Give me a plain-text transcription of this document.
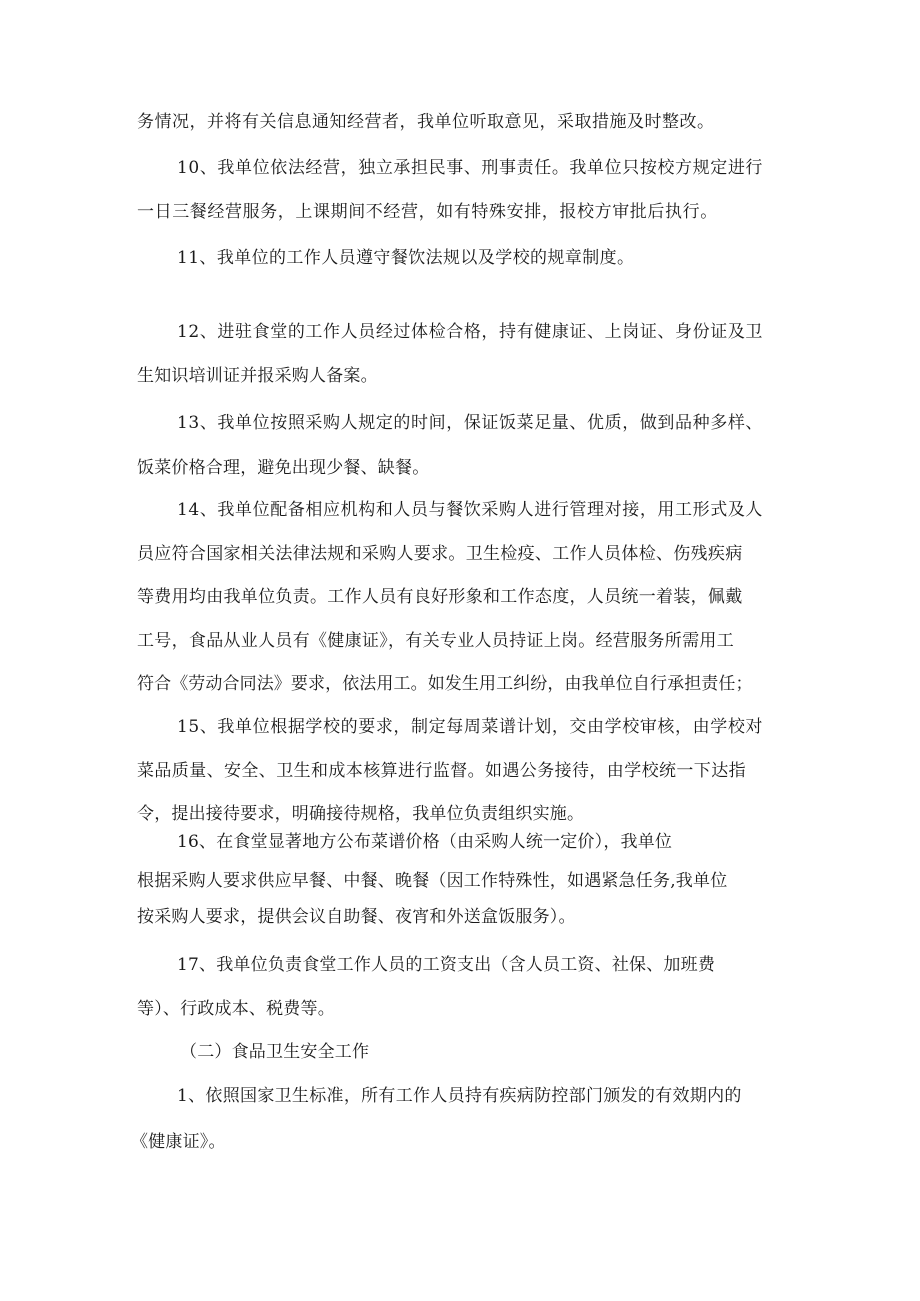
务情况，并将有关信息通知经营者，我单位听取意见，采取措施及时整改。
10、我单位依法经营，独立承担民事、刑事责任。我单位只按校方规定进行
一日三餐经营服务，上课期间不经营，如有特殊安排，报校方审批后执行。
11、我单位的工作人员遵守餐饮法规以及学校的规章制度。
12、进驻食堂的工作人员经过体检合格，持有健康证、上岗证、身份证及卫
生知识培训证并报采购人备案。
13、我单位按照采购人规定的时间，保证饭菜足量、优质，做到品种多样、
饭菜价格合理，避免出现少餐、缺餐。
14、我单位配备相应机构和人员与餐饮采购人进行管理对接，用工形式及人
员应符合国家相关法律法规和采购人要求。卫生检疫、工作人员体检、伤残疾病
等费用均由我单位负责。工作人员有良好形象和工作态度，人员统一着装，佩戴
工号，食品从业人员有《健康证》，有关专业人员持证上岗。经营服务所需用工
符合《劳动合同法》要求，依法用工。如发生用工纠纷，由我单位自行承担责任；
15、我单位根据学校的要求，制定每周菜谱计划，交由学校审核，由学校对
菜品质量、安全、卫生和成本核算进行监督。如遇公务接待，由学校统一下达指
令，提出接待要求，明确接待规格，我单位负责组织实施。
16、在食堂显著地方公布菜谱价格（由采购人统一定价），我单位
根据采购人要求供应早餐、中餐、晚餐（因工作特殊性，如遇紧急任务,我单位
按采购人要求，提供会议自助餐、夜宵和外送盒饭服务）。
17、我单位负责食堂工作人员的工资支出（含人员工资、社保、加班费
等）、行政成本、税费等。
（二）食品卫生安全工作
1、依照国家卫生标准，所有工作人员持有疾病防控部门颁发的有效期内的
《健康证》。
